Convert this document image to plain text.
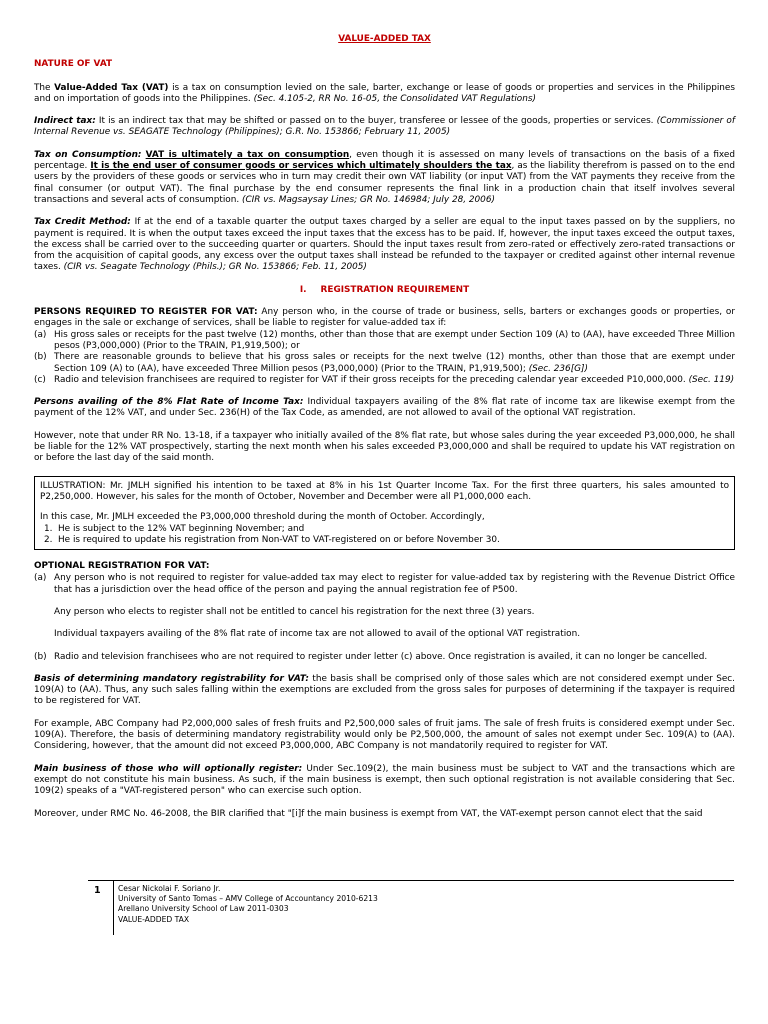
VALUE-ADDED TAX
NATURE OF VAT

The Value-Added Tax (VAT) is a tax on consumption levied on the sale, barter, exchange or lease of goods or properties and services in the Philippines and on importation of goods into the Philippines. (Sec. 4.105-2, RR No. 16-05, the Consolidated VAT Regulations)

Indirect tax: It is an indirect tax that may be shifted or passed on to the buyer, transferee or lessee of the goods, properties or services. (Commissioner of Internal Revenue vs. SEAGATE Technology (Philippines); G.R. No. 153866; February 11, 2005)

Tax on Consumption: VAT is ultimately a tax on consumption, even though it is assessed on many levels of transactions on the basis of a fixed percentage. It is the end user of consumer goods or services which ultimately shoulders the tax, as the liability therefrom is passed on to the end users by the providers of these goods or services who in turn may credit their own VAT liability (or input VAT) from the VAT payments they receive from the final consumer (or output VAT). The final purchase by the end consumer represents the final link in a production chain that itself involves several transactions and several acts of consumption. (CIR vs. Magsaysay Lines; GR No. 146984; July 28, 2006)

Tax Credit Method: If at the end of a taxable quarter the output taxes charged by a seller are equal to the input taxes passed on by the suppliers, no payment is required. It is when the output taxes exceed the input taxes that the excess has to be paid. If, however, the input taxes exceed the output taxes, the excess shall be carried over to the succeeding quarter or quarters. Should the input taxes result from zero-rated or effectively zero-rated transactions or from the acquisition of capital goods, any excess over the output taxes shall instead be refunded to the taxpayer or credited against other internal revenue taxes. (CIR vs. Seagate Technology (Phils.); GR No. 153866; Feb. 11, 2005)

I. REGISTRATION REQUIREMENT

PERSONS REQUIRED TO REGISTER FOR VAT: Any person who, in the course of trade or business, sells, barters or exchanges goods or properties, or engages in the sale or exchange of services, shall be liable to register for value-added tax if:

(a) His gross sales or receipts for the past twelve (12) months, other than those that are exempt under Section 109 (A) to (AA), have exceeded Three Million pesos (P3,000,000) (Prior to the TRAIN, P1,919,500); or
(b) There are reasonable grounds to believe that his gross sales or receipts for the next twelve (12) months, other than those that are exempt under Section 109 (A) to (AA), have exceeded Three Million pesos (P3,000,000) (Prior to the TRAIN, P1,919,500); (Sec. 236[G])
(c) Radio and television franchisees are required to register for VAT if their gross receipts for the preceding calendar year exceeded P10,000,000. (Sec. 119)

Persons availing of the 8% Flat Rate of Income Tax: Individual taxpayers availing of the 8% flat rate of income tax are likewise exempt from the payment of the 12% VAT, and under Sec. 236(H) of the Tax Code, as amended, are not allowed to avail of the optional VAT registration.

However, note that under RR No. 13-18, if a taxpayer who initially availed of the 8% flat rate, but whose sales during the year exceeded P3,000,000, he shall be liable for the 12% VAT prospectively, starting the next month when his sales exceeded P3,000,000 and shall be required to update his VAT registration on or before the last day of the said month.

ILLUSTRATION: Mr. JMLH signified his intention to be taxed at 8% in his 1st Quarter Income Tax. For the first three quarters, his sales amounted to P2,250,000. However, his sales for the month of October, November and December were all P1,000,000 each.

In this case, Mr. JMLH exceeded the P3,000,000 threshold during the month of October. Accordingly,

1. He is subject to the 12% VAT beginning November; and
2. He is required to update his registration from Non-VAT to VAT-registered on or before November 30.
OPTIONAL REGISTRATION FOR VAT:
(a) Any person who is not required to register for value-added tax may elect to register for value-added tax by registering with the Revenue District Office that has a jurisdiction over the head office of the person and paying the annual registration fee of P500.

Any person who elects to register shall not be entitled to cancel his registration for the next three (3) years.

Individual taxpayers availing of the 8% flat rate of income tax are not allowed to avail of the optional VAT registration.

(b) Radio and television franchisees who are not required to register under letter (c) above. Once registration is availed, it can no longer be cancelled.

Basis of determining mandatory registrability for VAT: the basis shall be comprised only of those sales which are not considered exempt under Sec. 109(A) to (AA). Thus, any such sales falling within the exemptions are excluded from the gross sales for purposes of determining if the taxpayer is required to be registered for VAT.

For example, ABC Company had P2,000,000 sales of fresh fruits and P2,500,000 sales of fruit jams. The sale of fresh fruits is considered exempt under Sec. 109(A). Therefore, the basis of determining mandatory registrability would only be P2,500,000, the amount of sales not exempt under Sec. 109(A) to (AA). Considering, however, that the amount did not exceed P3,000,000, ABC Company is not mandatorily required to register for VAT.

Main business of those who will optionally register: Under Sec.109(2), the main business must be subject to VAT and the transactions which are exempt do not constitute his main business. As such, if the main business is exempt, then such optional registration is not available considering that Sec. 109(2) speaks of a "VAT-registered person" who can exercise such option.

Moreover, under RMC No. 46-2008, the BIR clarified that "[i]f the main business is exempt from VAT, the VAT-exempt person cannot elect that the said

1 Cesar Nickolai F. Soriano Jr.
University of Santo Tomas – AMV College of Accountancy 2010-6213
Arellano University School of Law 2011-0303
VALUE-ADDED TAX
